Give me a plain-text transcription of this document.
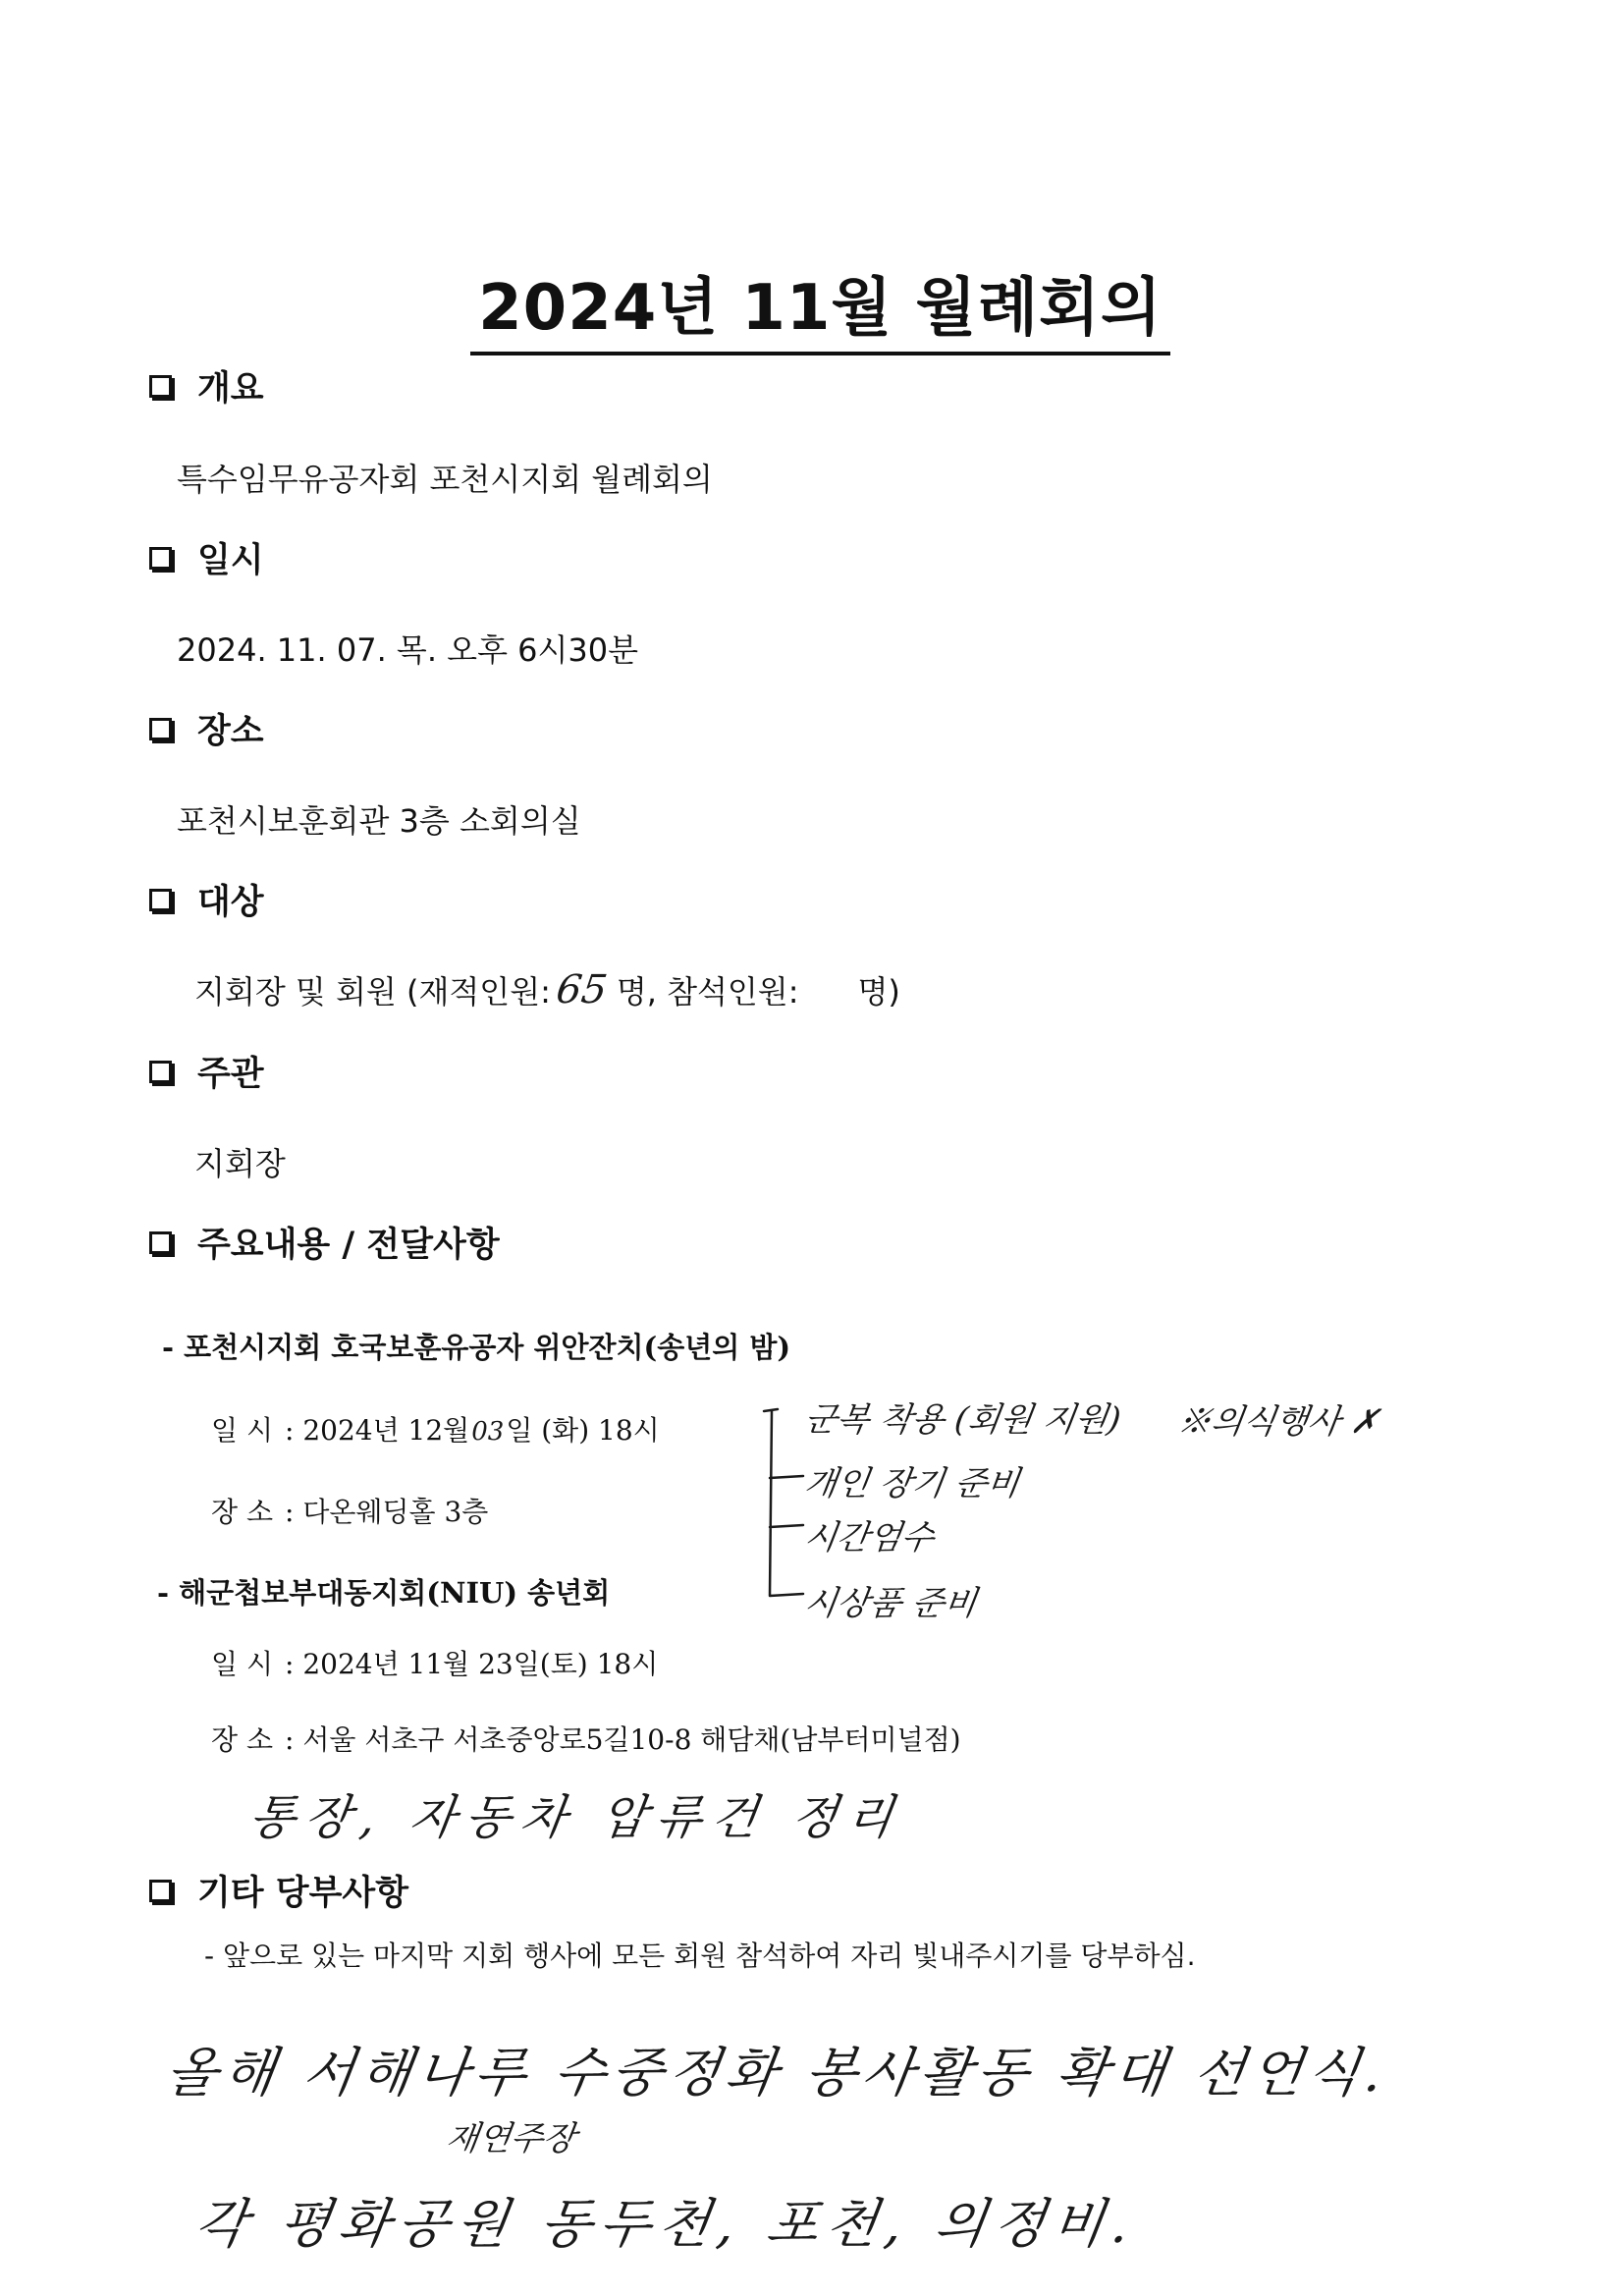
2024년 11월 월례회의
개요
특수임무유공자회 포천시지회 월례회의
일시
2024. 11. 07. 목. 오후 6시30분
장소
포천시보훈회관 3층 소회의실
대상
지회장 및 회원 (재적인원:65 명, 참석인원: 명)
주관
지회장
주요내용 / 전달사항
- 포천시지회 호국보훈유공자 위안잔치(송년의 밤)
일 시 : 2024년 12월03일 (화) 18시
장 소 : 다온웨딩홀 3층
- 해군첩보부대동지회(NIU) 송년회
일 시 : 2024년 11월 23일(토) 18시
장 소 : 서울 서초구 서초중앙로5길10-8 해담채(남부터미널점)
군복 착용 (회원 지원)
개인 장기 준비
시간엄수
시상품 준비
※의식행사 ✗
통장, 자동차 압류건 정리
기타 당부사항
- 앞으로 있는 마지막 지회 행사에 모든 회원 참석하여 자리 빛내주시기를 당부하심.
올해 서해나루 수중정화 봉사활동 확대 선언식.
재연주장
각 평화공원 동두천, 포천, 의정비.
